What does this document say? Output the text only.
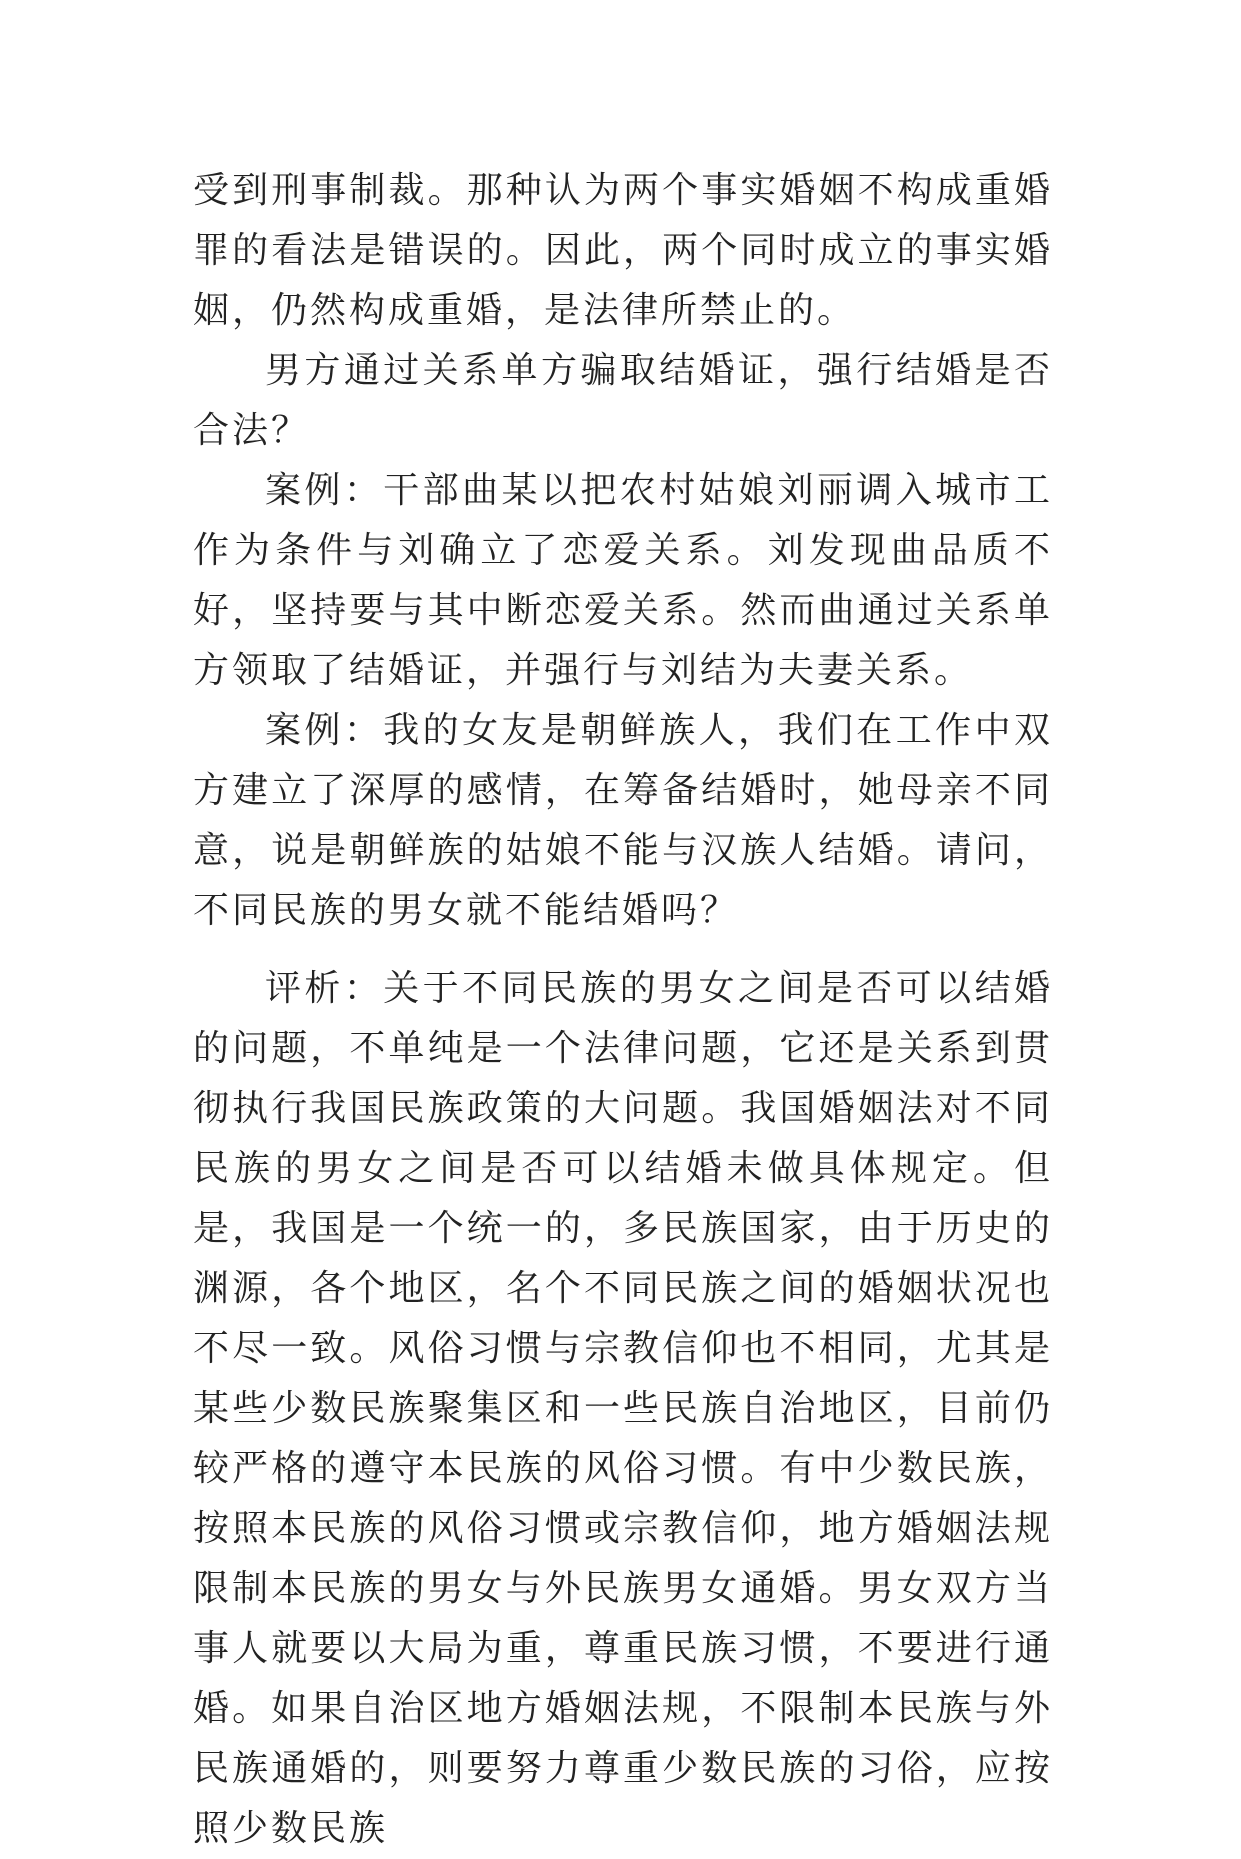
受到刑事制裁。那种认为两个事实婚姻不构成重婚罪的看法是错误的。因此，两个同时成立的事实婚姻，仍然构成重婚，是法律所禁止的。

男方通过关系单方骗取结婚证，强行结婚是否合法？

案例：干部曲某以把农村姑娘刘丽调入城市工作为条件与刘确立了恋爱关系。刘发现曲品质不好，坚持要与其中断恋爱关系。然而曲通过关系单方领取了结婚证，并强行与刘结为夫妻关系。

案例：我的女友是朝鲜族人，我们在工作中双方建立了深厚的感情，在筹备结婚时，她母亲不同意，说是朝鲜族的姑娘不能与汉族人结婚。请问，不同民族的男女就不能结婚吗？

评析：关于不同民族的男女之间是否可以结婚的问题，不单纯是一个法律问题，它还是关系到贯彻执行我国民族政策的大问题。我国婚姻法对不同民族的男女之间是否可以结婚未做具体规定。但是，我国是一个统一的，多民族国家，由于历史的渊源，各个地区，名个不同民族之间的婚姻状况也不尽一致。风俗习惯与宗教信仰也不相同，尤其是某些少数民族聚集区和一些民族自治地区，目前仍较严格的遵守本民族的风俗习惯。有中少数民族，按照本民族的风俗习惯或宗教信仰，地方婚姻法规限制本民族的男女与外民族男女通婚。男女双方当事人就要以大局为重，尊重民族习惯，不要进行通婚。如果自治区地方婚姻法规，不限制本民族与外民族通婚的，则要努力尊重少数民族的习俗，应按照少数民族
